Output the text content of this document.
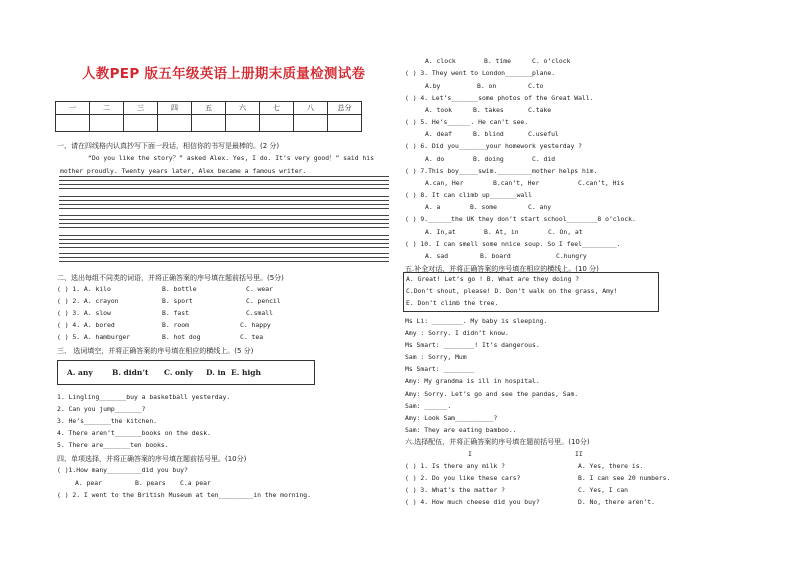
人教PEP 版五年级英语上册期末质量检测试卷
一	二	三	四	五	六	七	八	总分

一、请在四线格内认真抄写下面一段话，相信你的书写是最棒的。(2 分)
“Do you like the story？” asked Alex. Yes, I do. It’s very good！” said his
mother proudly. Twenty years later, Alex became a famous writer.
二、选出每组不同类的词语，并将正确答案的序号填在题前括号里。(5分)
( ) 1. A. kilo	B. bottle	C. wear
( ) 2. A. crayon	B. sport	C. pencil
( ) 3. A. slow	B. fast	C.small
( ) 4. A. bored	B. room	C. happy
( ) 5. A. hamburger	B. hot dog	C. tea
三、 选词填空，并将正确答案的序号填在相应的横线上。(5 分)
A. any	B. didn’t C. only D. in E. high
1. Lingling_______buy a basketball yesterday.
2. Can you jump_______?
3. He’s_______the kitchen.
4. There aren’t_______books on the desk.
5. There are_______ten books.
四、单项选择，并将正确答案的序号填在题前括号里。(10分)
( )1.How many_________did you buy?
A. pear	B. pears C.a pear
( ) 2. I went to the British Museum at ten_________in the morning.
A. clock	B. time	C. o’clock
( ) 3. They went to London_______plane.
A.by	B. on	C.to
( ) 4. Let’s_______some photos of the Great Wall.
A. took	B. takes	C.take
( ) 5. He’s______. He can’t see.
A. deaf	B. blind	C.useful
( ) 6. Did you_______your homework yesterday ?
A. do	B. doing	C. did
( ) 7.This boy_____swim._________mother helps him.
A.can, Her	B.can’t, Her	C.can’t, His
( ) 8. It can climb up_______wall
A. a	B. some	C. any
( ) 9.______the UK they don’t start school________8 o’clock.
A. In,at	B. At, in	C. On, at
( ) 10. I can smell some nnice soup. So I feel_________.
A. sad	B. board	C.hungry
五.补全对话，并将正确答案的序号填在相应的横线上。(10 分)
A. Great! Let’s go ! B. What are they doing ?
C.Don’t shout, please! D. Don’t walk on the grass, Amy!
E. Don’t climb the tree.
Ms Li: ________. My baby is sleeping.
Amy : Sorry. I didn’t know.
Ms Smart: ________! It’s dangerous.
Sam : Sorry, Mum
Ms Smart: ________
Amy: My grandma is ill in hospital.
Amy: Sorry. Let’s go and see the pandas, Sam.
Sam: ______.
Amy: Look Sam__________?
Sam: They are eating bamboo..
六.选择配伍，并将正确答案的序号填在题前括号里。(10分)
I	II
( ) 1. Is there any milk ?	A. Yes, there is.
( ) 2. Do you like these cars?	B. I can see 20 numbers.
( ) 3. What’s the matter ?	C. Yes, I can
( ) 4. How much cheese did you buy?	D. No, there aren’t.
